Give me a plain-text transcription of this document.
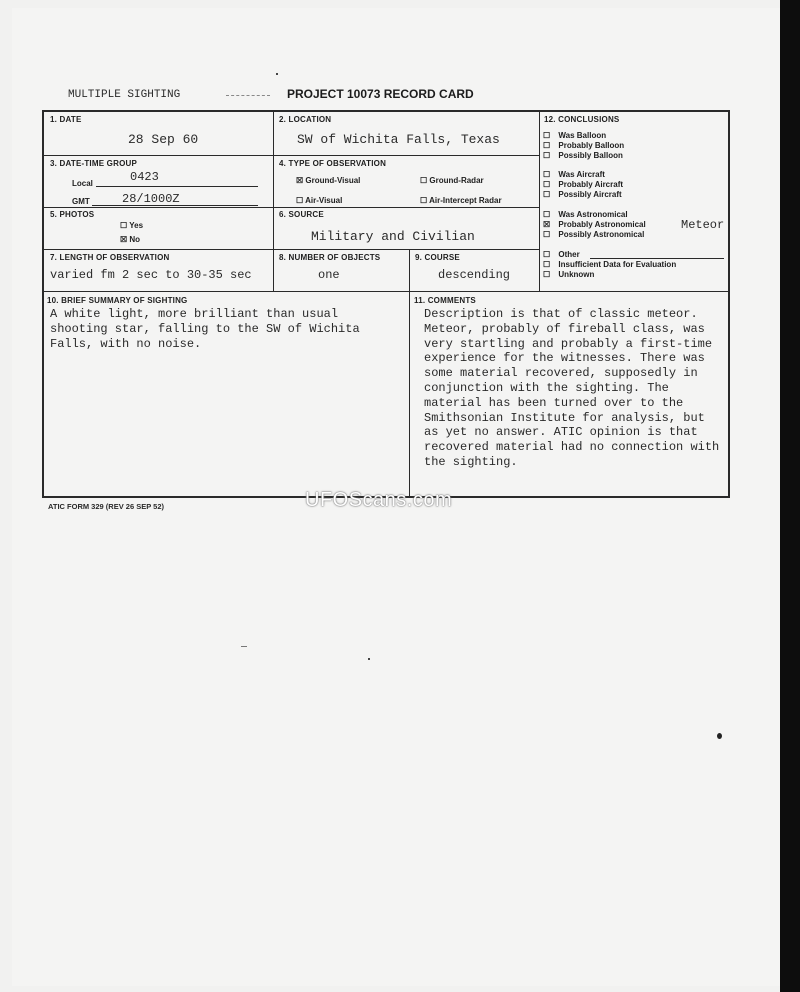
MULTIPLE SIGHTING	PROJECT 10073 RECORD CARD
1. DATE
28 Sep 60
2. LOCATION
SW of Wichita Falls, Texas
3. DATE-TIME GROUP
Local	0423
GMT	28/1000Z
4. TYPE OF OBSERVATION
☒ Ground-Visual	☐ Ground-Radar
☐ Air-Visual	☐ Air-Intercept Radar
5. PHOTOS
☐ Yes
☒ No
6. SOURCE
Military and Civilian
7. LENGTH OF OBSERVATION
varied fm 2 sec to 30-35 sec
8. NUMBER OF OBJECTS
one
9. COURSE
descending
12. CONCLUSIONS
☐ Was Balloon
☐ Probably Balloon
☐ Possibly Balloon
☐ Was Aircraft
☐ Probably Aircraft
☐ Possibly Aircraft
☐ Was Astronomical
☒ Probably Astronomical
☐ Possibly Astronomical
Meteor
☐ Other
☐ Insufficient Data for Evaluation
☐ Unknown
10. BRIEF SUMMARY OF SIGHTING
A white light, more brilliant than usual
shooting star, falling to the SW of Wichita
Falls, with no noise.
11. COMMENTS
Description is that of classic meteor.
Meteor, probably of fireball class, was
very startling and probably a first-time
experience for the witnesses. There was
some material recovered, supposedly in
conjunction with the sighting. The
material has been turned over to the
Smithsonian Institute for analysis, but
as yet no answer. ATIC opinion is that
recovered material had no connection with
the sighting.
ATIC FORM 329 (REV 26 SEP 52)	UFOScans.com
